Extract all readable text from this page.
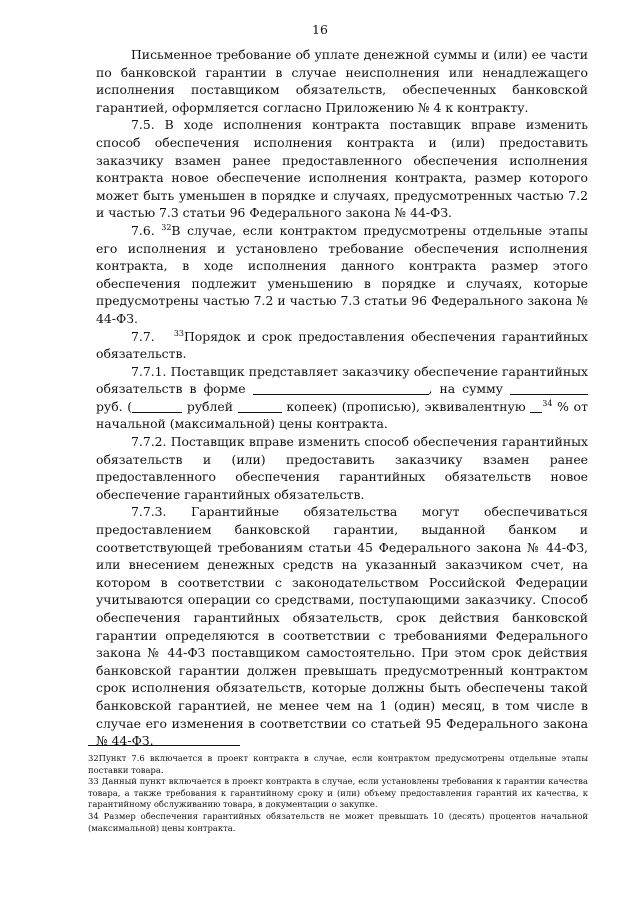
16

Письменное требование об уплате денежной суммы и (или) ее части по банковской гарантии в случае неисполнения или ненадлежащего исполнения поставщиком обязательств, обеспеченных банковской гарантией, оформляется согласно Приложению № 4 к контракту.

7.5. В ходе исполнения контракта поставщик вправе изменить способ обеспечения исполнения контракта и (или) предоставить заказчику взамен ранее предоставленного обеспечения исполнения контракта новое обеспечение исполнения контракта, размер которого может быть уменьшен в порядке и случаях, предусмотренных частью 7.2 и частью 7.3 статьи 96 Федерального закона № 44-ФЗ.

7.6. $^{32}$В случае, если контрактом предусмотрены отдельные этапы его исполнения и установлено требование обеспечения исполнения контракта, в ходе исполнения данного контракта размер этого обеспечения подлежит уменьшению в порядке и случаях, которые предусмотрены частью 7.2 и частью 7.3 статьи 96 Федерального закона № 44-ФЗ.

7.7. $^{33}$Порядок и срок предоставления обеспечения гарантийных обязательств.

7.7.1. Поставщик представляет заказчику обеспечение гарантийных обязательств в форме	, на сумму  руб. (	рублей	копеек) (прописью), эквивалентную $^{34}$ % от начальной (максимальной) цены контракта.

7.7.2. Поставщик вправе изменить способ обеспечения гарантийных обязательств и (или) предоставить заказчику взамен ранее предоставленного обеспечения гарантийных обязательств новое обеспечение гарантийных обязательств.

7.7.3. Гарантийные обязательства могут обеспечиваться предоставлением банковской гарантии, выданной банком и соответствующей требованиям статьи 45 Федерального закона № 44-ФЗ, или внесением денежных средств на указанный заказчиком счет, на котором в соответствии с законодательством Российской Федерации учитываются операции со средствами, поступающими заказчику. Способ обеспечения гарантийных обязательств, срок действия банковской гарантии определяются в соответствии с требованиями Федерального закона № 44-ФЗ поставщиком самостоятельно. При этом срок действия банковской гарантии должен превышать предусмотренный контрактом срок исполнения обязательств, которые должны быть обеспечены такой банковской гарантией, не менее чем на 1 (один) месяц, в том числе в случае его изменения в соответствии со статьей 95 Федерального закона № 44-ФЗ.

32Пункт 7.6 включается в проект контракта в случае, если контрактом предусмотрены отдельные этапы поставки товара.

33 Данный пункт включается в проект контракта в случае, если установлены требования к гарантии качества товара, а также требования к гарантийному сроку и (или) объему предоставления гарантий их качества, к гарантийному обслуживанию товара, в документации о закупке.

34 Размер обеспечения гарантийных обязательств не может превышать 10 (десять) процентов начальной (максимальной) цены контракта.
